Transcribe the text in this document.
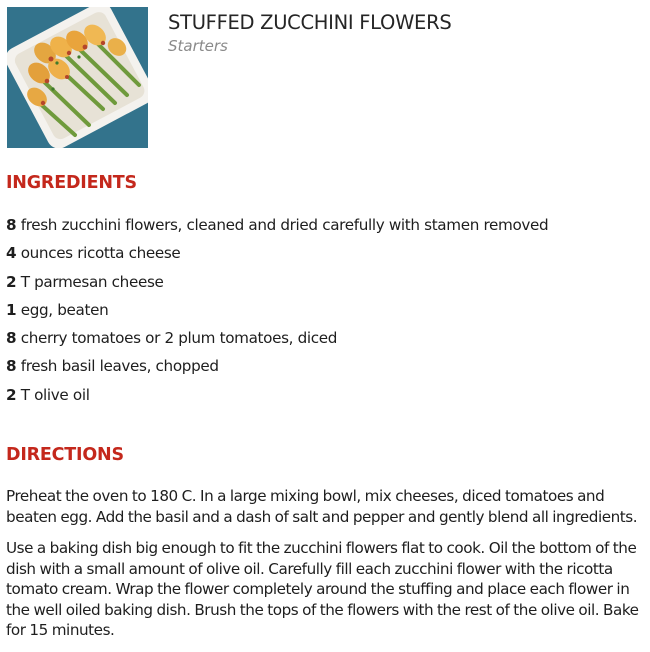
STUFFED ZUCCHINI FLOWERS
Starters
INGREDIENTS
8 fresh zucchini flowers, cleaned and dried carefully with stamen removed
4 ounces ricotta cheese
2 T parmesan cheese
1 egg, beaten
8 cherry tomatoes or 2 plum tomatoes, diced
8 fresh basil leaves, chopped
2 T olive oil
DIRECTIONS

Preheat the oven to 180 C. In a large mixing bowl, mix cheeses, diced tomatoes and beaten egg. Add the basil and a dash of salt and pepper and gently blend all ingredients.

Use a baking dish big enough to fit the zucchini flowers flat to cook. Oil the bottom of the dish with a small amount of olive oil. Carefully fill each zucchini flower with the ricotta tomato cream. Wrap the flower completely around the stuffing and place each flower in the well oiled baking dish. Brush the tops of the flowers with the rest of the olive oil. Bake for 15 minutes.
